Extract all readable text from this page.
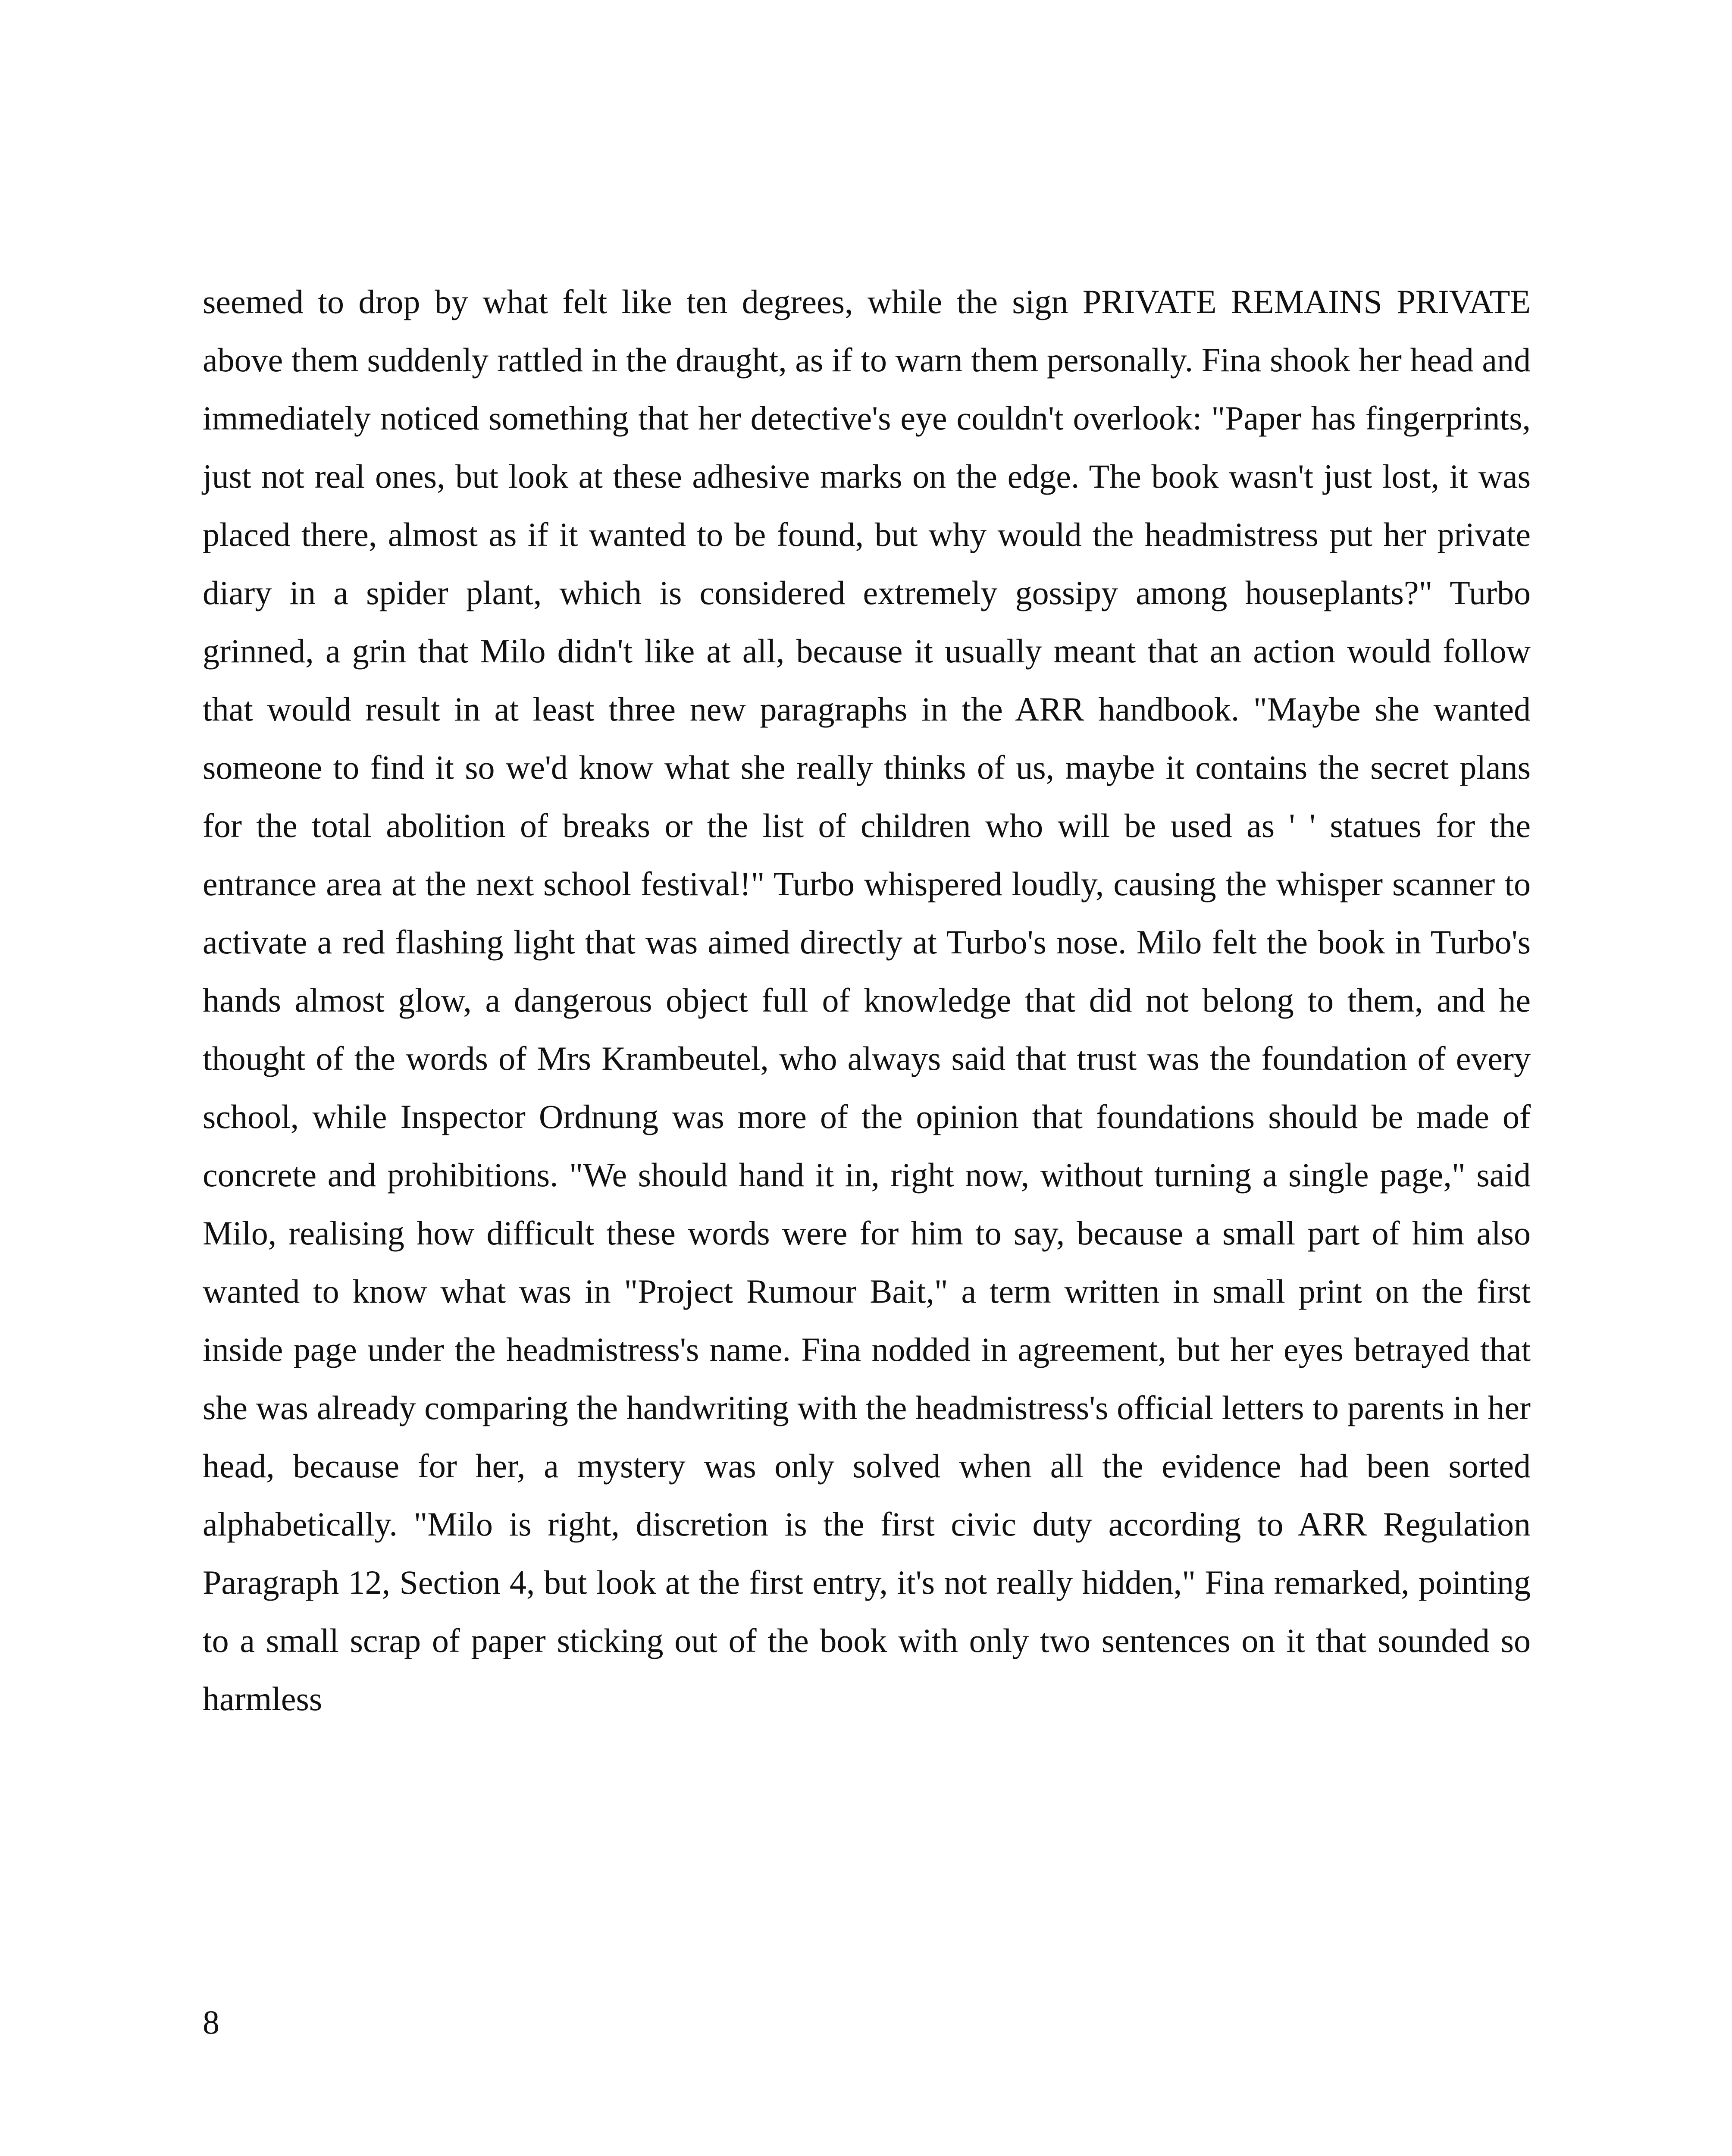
seemed to drop by what felt like ten degrees, while the sign PRIVATE REMAINS PRIVATE above them suddenly rattled in the draught, as if to warn them personally. Fina shook her head and immediately noticed something that her detective's eye couldn't overlook: "Paper has fingerprints, just not real ones, but look at these adhesive marks on the edge. The book wasn't just lost, it was placed there, almost as if it wanted to be found, but why would the headmistress put her private diary in a spider plant, which is considered extremely gossipy among houseplants?" Turbo grinned, a grin that Milo didn't like at all, because it usually meant that an action would follow that would result in at least three new paragraphs in the ARR handbook. "Maybe she wanted someone to find it so we'd know what she really thinks of us, maybe it contains the secret plans for the total abolition of breaks or the list of children who will be used as ' ' statues for the entrance area at the next school festival!" Turbo whispered loudly, causing the whisper scanner to activate a red flashing light that was aimed directly at Turbo's nose. Milo felt the book in Turbo's hands almost glow, a dangerous object full of knowledge that did not belong to them, and he thought of the words of Mrs Krambeutel, who always said that trust was the foundation of every school, while Inspector Ordnung was more of the opinion that foundations should be made of concrete and prohibitions. "We should hand it in, right now, without turning a single page," said Milo, realising how difficult these words were for him to say, because a small part of him also wanted to know what was in "Project Rumour Bait," a term written in small print on the first inside page under the headmistress's name. Fina nodded in agreement, but her eyes betrayed that she was already comparing the handwriting with the headmistress's official letters to parents in her head, because for her, a mystery was only solved when all the evidence had been sorted alphabetically. "Milo is right, discretion is the first civic duty according to ARR Regulation Paragraph 12, Section 4, but look at the first entry, it's not really hidden," Fina remarked, pointing to a small scrap of paper sticking out of the book with only two sentences on it that sounded so harmless

8
